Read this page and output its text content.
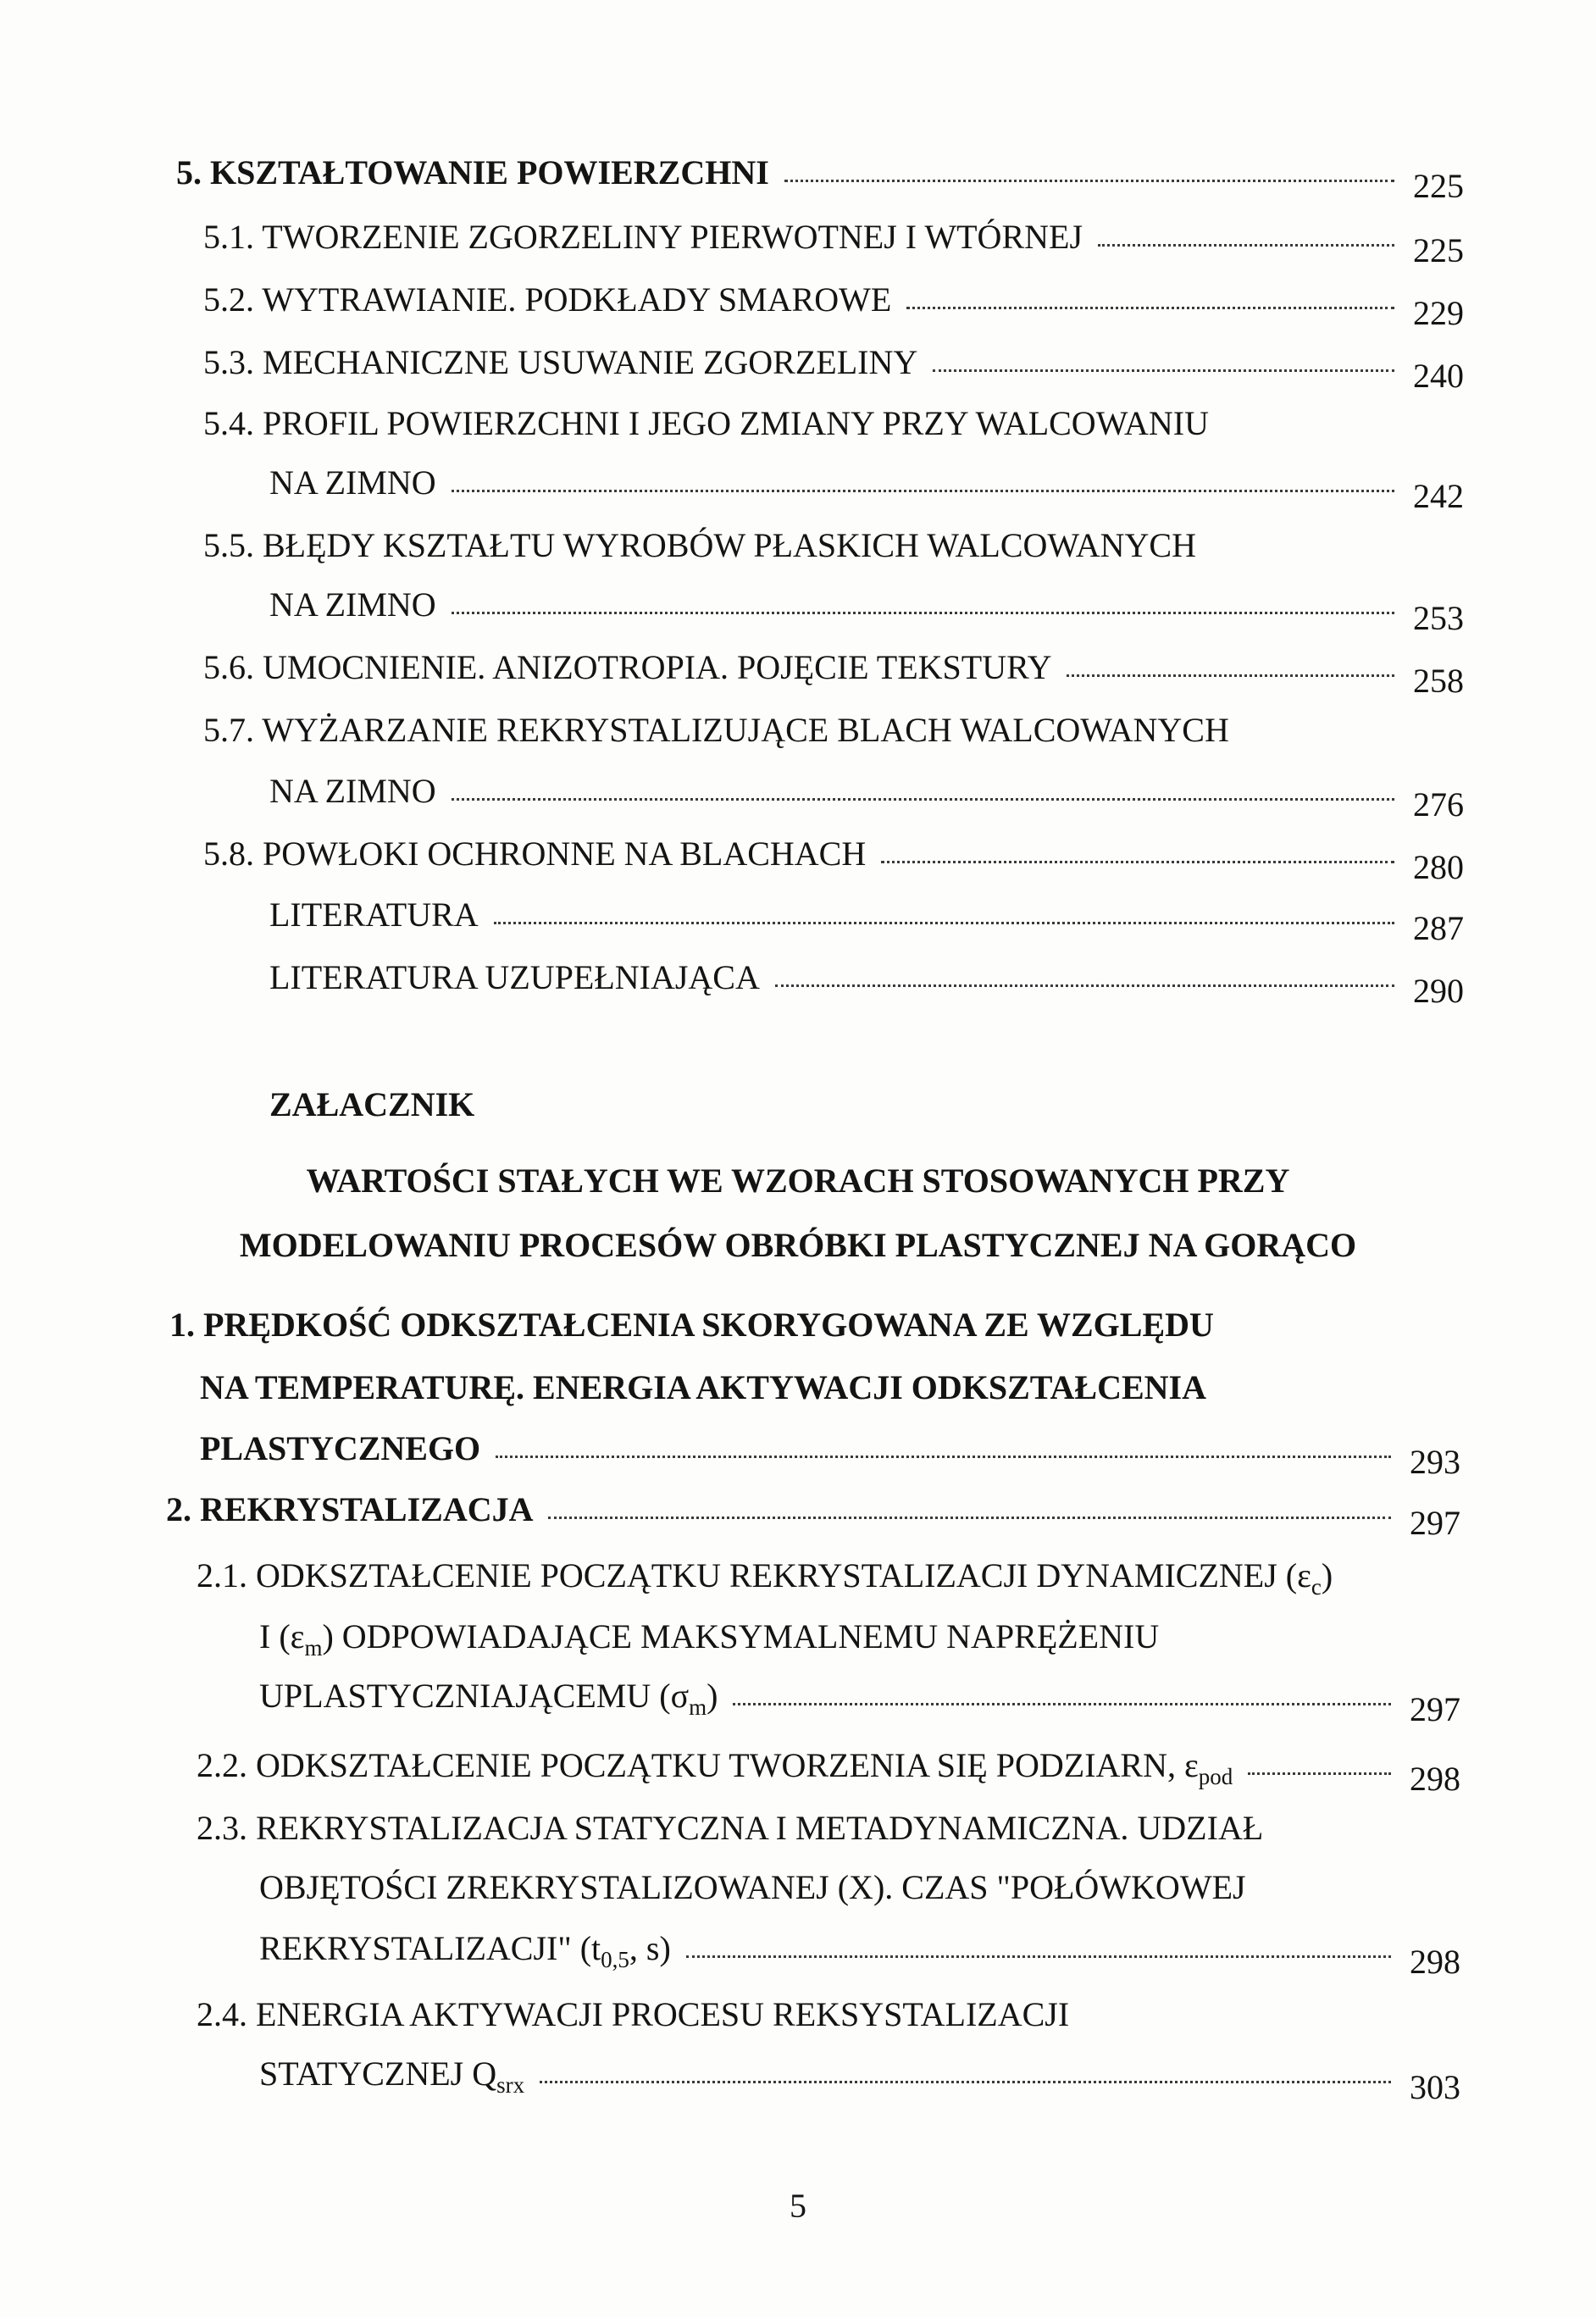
5. KSZTAŁTOWANIE POWIERZCHNI	225
5.1. TWORZENIE ZGORZELINY PIERWOTNEJ I WTÓRNEJ	225
5.2. WYTRAWIANIE. PODKŁADY SMAROWE	229
5.3. MECHANICZNE USUWANIE ZGORZELINY	240
5.4. PROFIL POWIERZCHNI I JEGO ZMIANY PRZY WALCOWANIU
NA ZIMNO	242
5.5. BŁĘDY KSZTAŁTU WYROBÓW PŁASKICH WALCOWANYCH
NA ZIMNO	253
5.6. UMOCNIENIE. ANIZOTROPIA. POJĘCIE TEKSTURY	258
5.7. WYŻARZANIE REKRYSTALIZUJĄCE BLACH WALCOWANYCH
NA ZIMNO	276
5.8. POWŁOKI OCHRONNE NA BLACHACH	280
LITERATURA	287
LITERATURA UZUPEŁNIAJĄCA	290
ZAŁACZNIK
WARTOŚCI STAŁYCH WE WZORACH STOSOWANYCH PRZY
MODELOWANIU PROCESÓW OBRÓBKI PLASTYCZNEJ NA GORĄCO
1. PRĘDKOŚĆ ODKSZTAŁCENIA SKORYGOWANA ZE WZGLĘDU
NA TEMPERATURĘ. ENERGIA AKTYWACJI ODKSZTAŁCENIA
PLASTYCZNEGO	293
2. REKRYSTALIZACJA	297
2.1. ODKSZTAŁCENIE POCZĄTKU REKRYSTALIZACJI DYNAMICZNEJ $(\varepsilon_c)$
I $(\varepsilon_m)$ ODPOWIADAJĄCE MAKSYMALNEMU NAPRĘŻENIU
UPLASTYCZNIAJĄCEMU $(\sigma_m)$	297
2.2. ODKSZTAŁCENIE POCZĄTKU TWORZENIA SIĘ PODZIARN, $\varepsilon_{pod}$	298
2.3. REKRYSTALIZACJA STATYCZNA I METADYNAMICZNA. UDZIAŁ
OBJĘTOŚCI ZREKRYSTALIZOWANEJ (X). CZAS "POŁÓWKOWEJ
REKRYSTALIZACJI" ($t_{0,5}$, s)	298
2.4. ENERGIA AKTYWACJI PROCESU REKSYSTALIZACJI
STATYCZNEJ $Q_{srx}$	303
5
